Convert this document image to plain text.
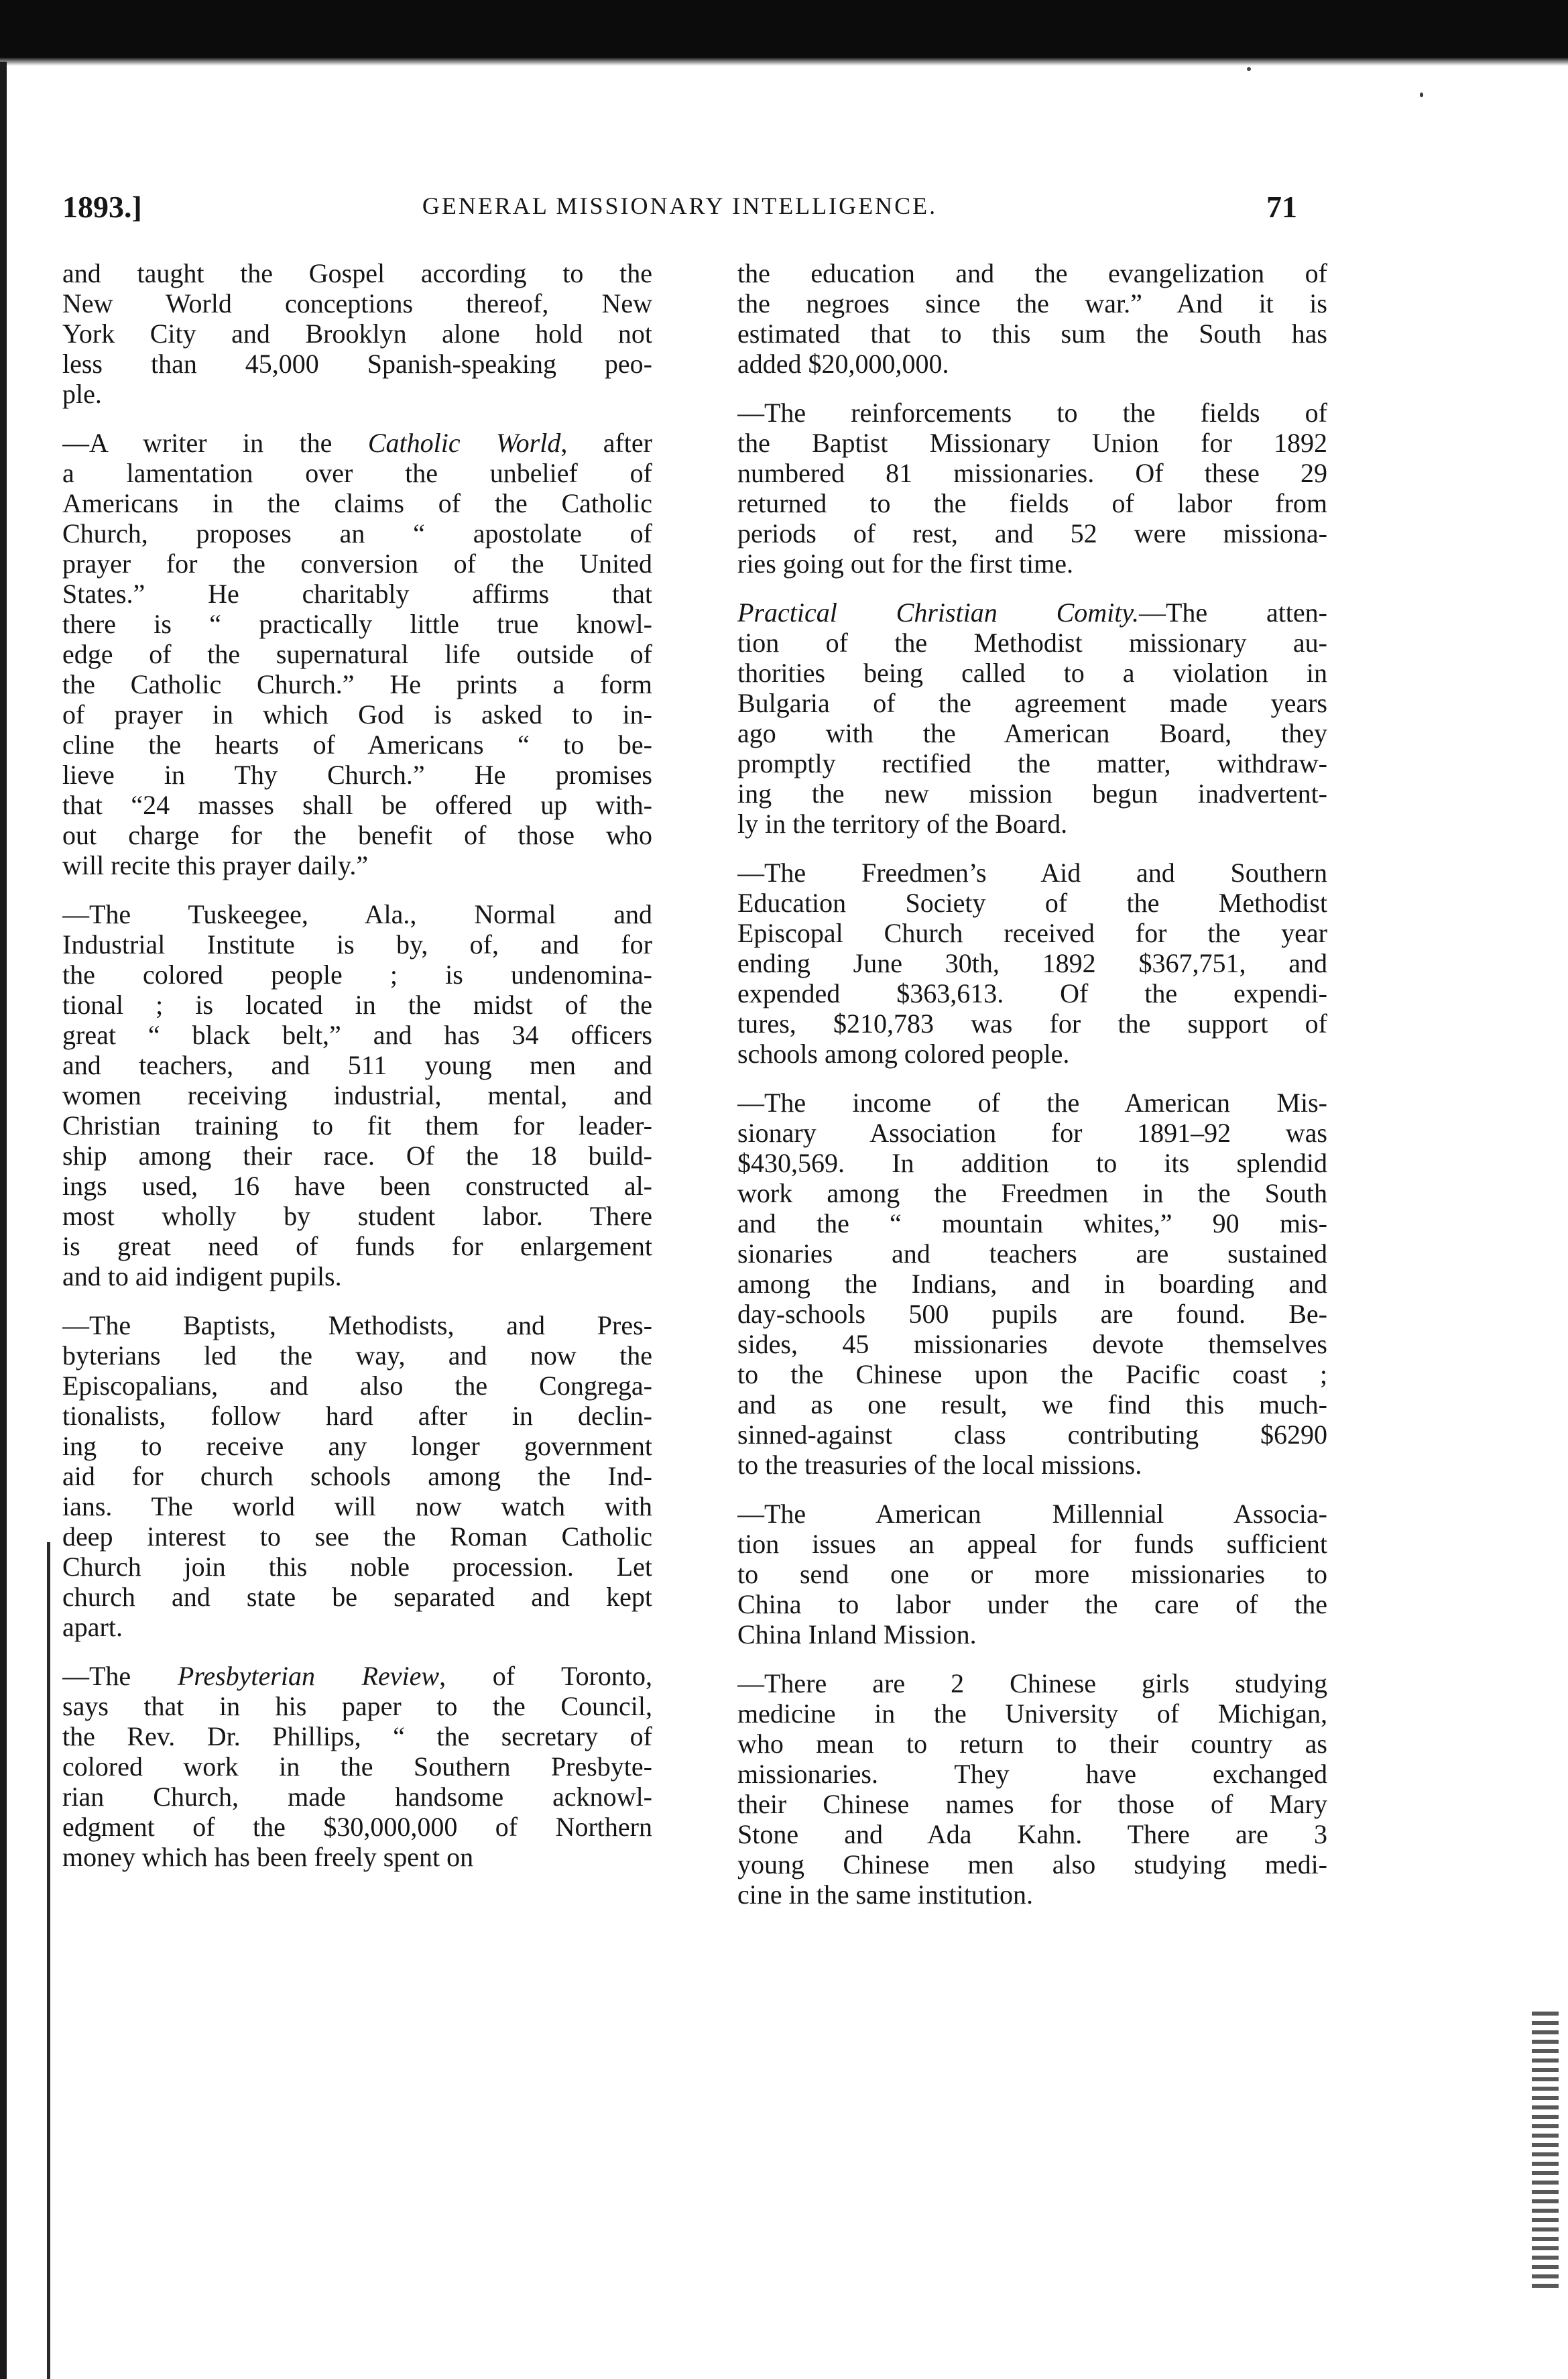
1893.]	GENERAL MISSIONARY INTELLIGENCE.	71
and taught the Gospel according to the
New World conceptions thereof, New
York City and Brooklyn alone hold not
less than 45,000 Spanish-speaking peo-
ple.
—A writer in the Catholic World, after
a lamentation over the unbelief of
Americans in the claims of the Catholic
Church, proposes an “ apostolate of
prayer for the conversion of the United
States.” He charitably affirms that
there is “ practically little true knowl-
edge of the supernatural life outside of
the Catholic Church.” He prints a form
of prayer in which God is asked to in-
cline the hearts of Americans “ to be-
lieve in Thy Church.” He promises
that “24 masses shall be offered up with-
out charge for the benefit of those who
will recite this prayer daily.”
—The Tuskeegee, Ala., Normal and
Industrial Institute is by, of, and for
the colored people ; is undenomina-
tional ; is located in the midst of the
great “ black belt,” and has 34 officers
and teachers, and 511 young men and
women receiving industrial, mental, and
Christian training to fit them for leader-
ship among their race. Of the 18 build-
ings used, 16 have been constructed al-
most wholly by student labor. There
is great need of funds for enlargement
and to aid indigent pupils.
—The Baptists, Methodists, and Pres-
byterians led the way, and now the
Episcopalians, and also the Congrega-
tionalists, follow hard after in declin-
ing to receive any longer government
aid for church schools among the Ind-
ians. The world will now watch with
deep interest to see the Roman Catholic
Church join this noble procession. Let
church and state be separated and kept
apart.
—The Presbyterian Review, of Toronto,
says that in his paper to the Council,
the Rev. Dr. Phillips, “ the secretary of
colored work in the Southern Presbyte-
rian Church, made handsome acknowl-
edgment of the $30,000,000 of Northern
money which has been freely spent on
the education and the evangelization of
the negroes since the war.” And it is
estimated that to this sum the South has
added $20,000,000.
—The reinforcements to the fields of
the Baptist Missionary Union for 1892
numbered 81 missionaries. Of these 29
returned to the fields of labor from
periods of rest, and 52 were missiona-
ries going out for the first time.
Practical Christian Comity.—The atten-
tion of the Methodist missionary au-
thorities being called to a violation in
Bulgaria of the agreement made years
ago with the American Board, they
promptly rectified the matter, withdraw-
ing the new mission begun inadvertent-
ly in the territory of the Board.
—The Freedmen’s Aid and Southern
Education Society of the Methodist
Episcopal Church received for the year
ending June 30th, 1892 $367,751, and
expended $363,613. Of the expendi-
tures, $210,783 was for the support of
schools among colored people.
—The income of the American Mis-
sionary Association for 1891–92 was
$430,569. In addition to its splendid
work among the Freedmen in the South
and the “ mountain whites,” 90 mis-
sionaries and teachers are sustained
among the Indians, and in boarding and
day-schools 500 pupils are found. Be-
sides, 45 missionaries devote themselves
to the Chinese upon the Pacific coast ;
and as one result, we find this much-
sinned-against class contributing $6290
to the treasuries of the local missions.
—The American Millennial Associa-
tion issues an appeal for funds sufficient
to send one or more missionaries to
China to labor under the care of the
China Inland Mission.
—There are 2 Chinese girls studying
medicine in the University of Michigan,
who mean to return to their country as
missionaries. They have exchanged
their Chinese names for those of Mary
Stone and Ada Kahn. There are 3
young Chinese men also studying medi-
cine in the same institution.
